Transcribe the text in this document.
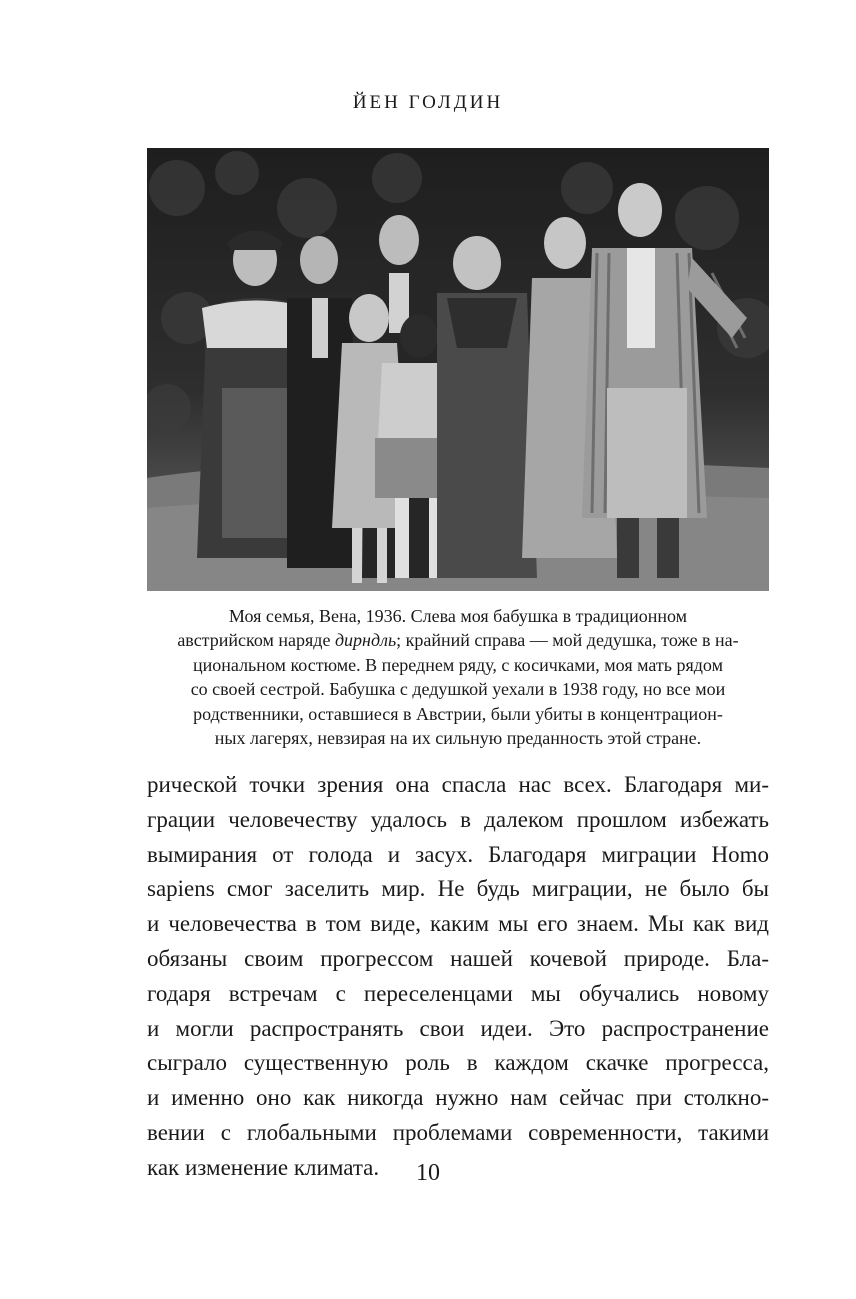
ЙЕН ГОЛДИН
Моя семья, Вена, 1936. Слева моя бабушка в традиционном
австрийском наряде дирндль; крайний справа — мой дедушка, тоже в на-
циональном костюме. В переднем ряду, с косичками, моя мать рядом
со своей сестрой. Бабушка с дедушкой уехали в 1938 году, но все мои
родственники, оставшиеся в Австрии, были убиты в концентрацион-
ных лагерях, невзирая на их сильную преданность этой стране.
рической точки зрения она спасла нас всех. Благодаря ми-
грации человечеству удалось в далеком прошлом избежать
вымирания от голода и засух. Благодаря миграции Homo
sapiens смог заселить мир. Не будь миграции, не было бы
и человечества в том виде, каким мы его знаем. Мы как вид
обязаны своим прогрессом нашей кочевой природе. Бла-
годаря встречам с переселенцами мы обучались новому
и могли распространять свои идеи. Это распространение
сыграло существенную роль в каждом скачке прогресса,
и именно оно как никогда нужно нам сейчас при столкно-
вении с глобальными проблемами современности, такими
как изменение климата.	10
